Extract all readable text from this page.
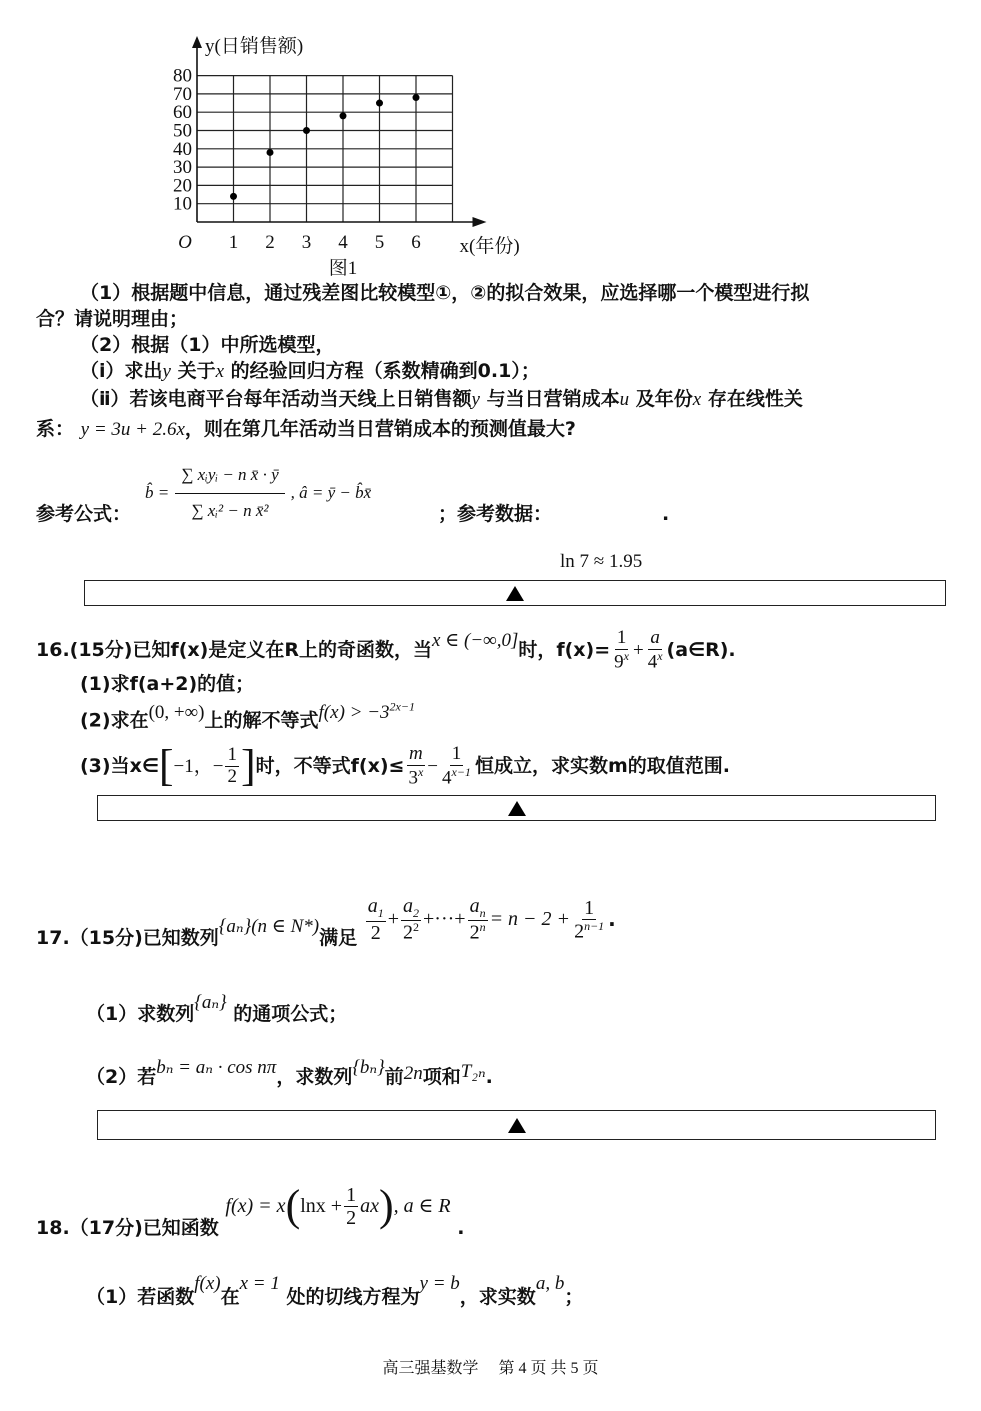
10
20
30
40
50
60
70
80
1 2 3 4 5 6
O
y(日销售额)
x(年份)
图1
（1）根据题中信息，通过残差图比较模型①，②的拟合效果，应选择哪一个模型进行拟
合？请说明理由；
（2）根据（1）中所选模型，
（ⅰ）求出y 关于x 的经验回归方程（系数精确到0.1）；
（ⅱ）若该电商平台每年活动当天线上日销售额y 与当日营销成本u 及年份x 存在线性关
系： y = 3u + 2.6x，则在第几年活动当日营销成本的预测值最大?
参考公式：
b̂ = $\frac{\text{∑ xᵢyᵢ − n x̄ · ȳ}}{\text{∑ xᵢ² − n x̄²}}$ , â = ȳ − b̂x̄
；参考数据：	.
ln 7 ≈ 1.95
16.(15分)已知f(x)是定义在R上的奇函数，当x ∈ (−∞,0]时，$f(x)= \frac{1}{9^x} + \frac{a}{4^x}$ (a∈R).
(1)求f(a+2)的值；
(2)求在(0, +∞)上的解不等式$f(x) > -3^{2x-1}$
(3)当x∈[−1，− $\frac{1}{2}$ ]时，不等式$f(x)\le \frac{m}{3^x} - \frac{1}{4^{x-1}}$ 恒成立，求实数m的取值范围.
17.（15分)已知数列{aₙ}(n ∈ N*)满足 $\frac{a_1}{2} + \frac{a_2}{2^2}$ +···+ $\frac{a_n}{2^n} = n - 2 + \frac{1}{2^{n-1}}$ .
（1）求数列{aₙ} 的通项公式；
（2）若bₙ = aₙ · cos nπ，求数列{bₙ}前2n项和T₂ₙ.
18.（17分)已知函数
f(x) = x ( $\ln x + \frac{1}{2}$ ax ) , a ∈ R
.
（1）若函数f(x)在x = 1 处的切线方程为y = b，求实数a, b；
高三强基数学　 第 4 页 共 5 页
